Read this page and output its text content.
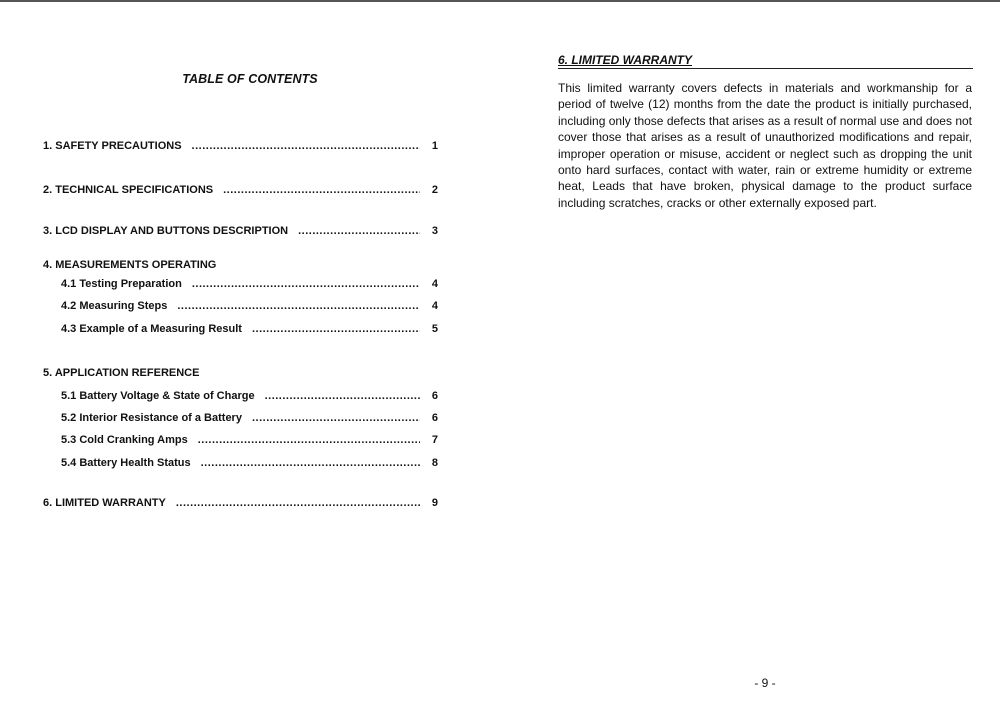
TABLE OF CONTENTS
1. SAFETY PRECAUTIONS .....	1
2. TECHNICAL SPECIFICATIONS .....	2
3. LCD DISPLAY AND BUTTONS DESCRIPTION .....	3
4. MEASUREMENTS OPERATING
4.1 Testing Preparation .....	4
4.2 Measuring Steps .....	4
4.3 Example of a Measuring Result .....	5
5. APPLICATION REFERENCE
5.1 Battery Voltage & State of Charge .....	6
5.2 Interior Resistance of a Battery .....	6
5.3 Cold Cranking Amps .....	7
5.4 Battery Health Status .....	8
6. LIMITED WARRANTY .....	9
6. LIMITED WARRANTY
This limited warranty covers defects in materials and workmanship for a period of twelve (12) months from the date the product is initially purchased, including only those defects that arises as a result of normal use and does not cover those that arises as a result of unauthorized modifications and repair, improper operation or misuse, accident or neglect such as dropping the unit onto hard surfaces, contact with water, rain or extreme humidity or extreme heat, Leads that have broken, physical damage to the product surface including scratches, cracks or other externally exposed part.
- 9 -
